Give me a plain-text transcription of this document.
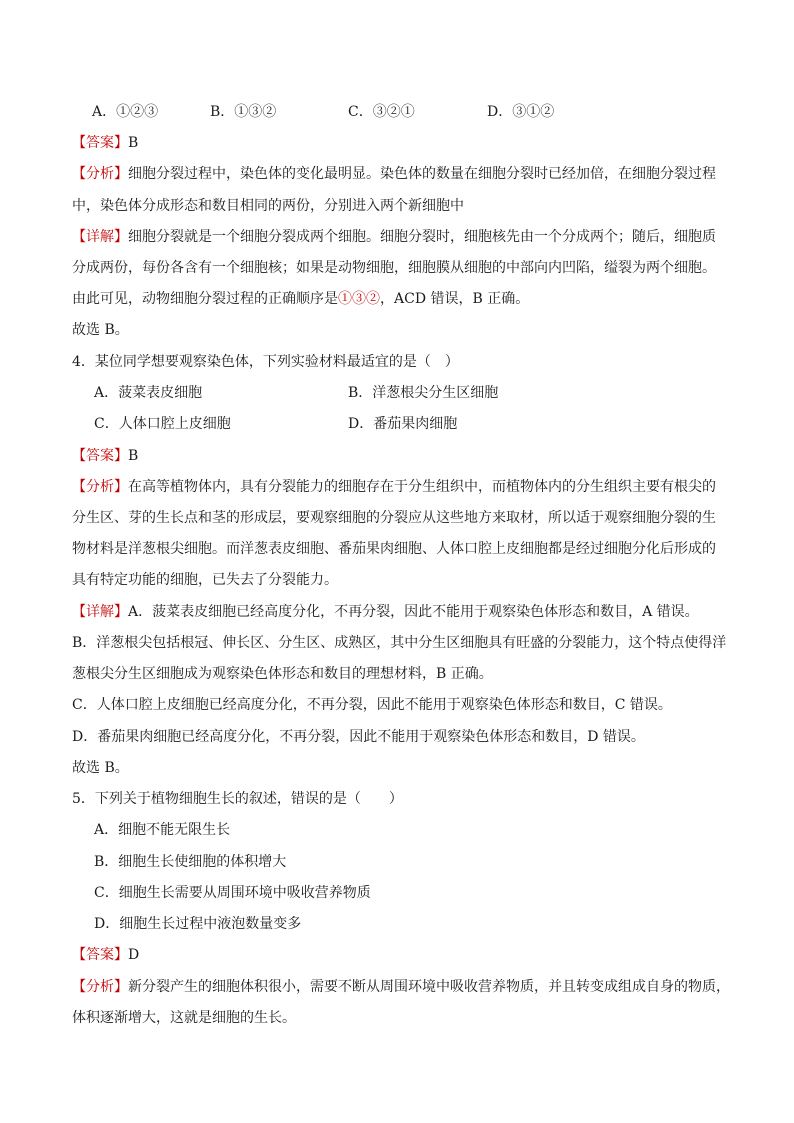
A．①②③	B．①③②	C．③②①	D．③①②
【答案】B
【分析】细胞分裂过程中，染色体的变化最明显。染色体的数量在细胞分裂时已经加倍，在细胞分裂过程
中，染色体分成形态和数目相同的两份，分别进入两个新细胞中
【详解】细胞分裂就是一个细胞分裂成两个细胞。细胞分裂时，细胞核先由一个分成两个；随后，细胞质
分成两份，每份各含有一个细胞核；如果是动物细胞，细胞膜从细胞的中部向内凹陷，缢裂为两个细胞。
由此可见，动物细胞分裂过程的正确顺序是①③②，ACD 错误，B 正确。
故选 B。
4．某位同学想要观察染色体，下列实验材料最适宜的是（　）
A．菠菜表皮细胞	B．洋葱根尖分生区细胞
C．人体口腔上皮细胞	D．番茄果肉细胞
【答案】B
【分析】在高等植物体内，具有分裂能力的细胞存在于分生组织中，而植物体内的分生组织主要有根尖的
分生区、芽的生长点和茎的形成层，要观察细胞的分裂应从这些地方来取材，所以适于观察细胞分裂的生
物材料是洋葱根尖细胞。而洋葱表皮细胞、番茄果肉细胞、人体口腔上皮细胞都是经过细胞分化后形成的
具有特定功能的细胞，已失去了分裂能力。
【详解】A．菠菜表皮细胞已经高度分化，不再分裂，因此不能用于观察染色体形态和数目，A 错误。
B．洋葱根尖包括根冠、伸长区、分生区、成熟区，其中分生区细胞具有旺盛的分裂能力，这个特点使得洋
葱根尖分生区细胞成为观察染色体形态和数目的理想材料，B 正确。
C．人体口腔上皮细胞已经高度分化，不再分裂，因此不能用于观察染色体形态和数目，C 错误。
D．番茄果肉细胞已经高度分化，不再分裂，因此不能用于观察染色体形态和数目，D 错误。
故选 B。
5．下列关于植物细胞生长的叙述，错误的是（　　）
A．细胞不能无限生长
B．细胞生长使细胞的体积增大
C．细胞生长需要从周围环境中吸收营养物质
D．细胞生长过程中液泡数量变多
【答案】D
【分析】新分裂产生的细胞体积很小，需要不断从周围环境中吸收营养物质，并且转变成组成自身的物质，
体积逐渐增大，这就是细胞的生长。
